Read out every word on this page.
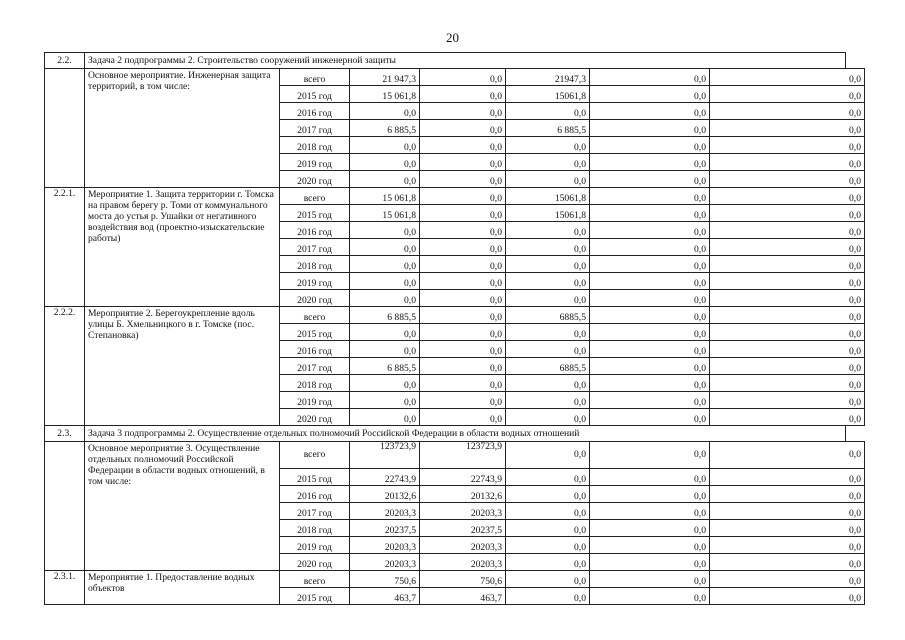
20
2.2.	Задача 2 подпрограммы 2. Строительство сооружений инженерной защиты						
	Основное мероприятие. Инженерная защита территорий, в том числе:	всего	21 947,3	0,0	21947,3	0,0	0,0
		2015 год	15 061,8	0,0	15061,8	0,0	0,0
		2016 год	0,0	0,0	0,0	0,0	0,0
		2017 год	6 885,5	0,0	6 885,5	0,0	0,0
		2018 год	0,0	0,0	0,0	0,0	0,0
		2019 год	0,0	0,0	0,0	0,0	0,0
		2020 год	0,0	0,0	0,0	0,0	0,0
2.2.1.	Мероприятие 1. Защита территории г. Томска на правом берегу р. Томи от коммунального моста до устья р. Ушайки от негативного воздействия вод (проектно-изыскательские работы)	всего	15 061,8	0,0	15061,8	0,0	0,0
		2015 год	15 061,8	0,0	15061,8	0,0	0,0
		2016 год	0,0	0,0	0,0	0,0	0,0
		2017 год	0,0	0,0	0,0	0,0	0,0
		2018 год	0,0	0,0	0,0	0,0	0,0
		2019 год	0,0	0,0	0,0	0,0	0,0
		2020 год	0,0	0,0	0,0	0,0	0,0
2.2.2.	Мероприятие 2. Берегоукрепление вдоль улицы Б. Хмельницкого в г. Томске (пос. Степановка)	всего	6 885,5	0,0	6885,5	0,0	0,0
		2015 год	0,0	0,0	0,0	0,0	0,0
		2016 год	0,0	0,0	0,0	0,0	0,0
		2017 год	6 885,5	0,0	6885,5	0,0	0,0
		2018 год	0,0	0,0	0,0	0,0	0,0
		2019 год	0,0	0,0	0,0	0,0	0,0
		2020 год	0,0	0,0	0,0	0,0	0,0
2.3.	Задача 3 подпрограммы 2. Осуществление отдельных полномочий Российской Федерации в области водных отношений						
	Основное мероприятие 3. Осуществление отдельных полномочий Российской Федерации в области водных отношений, в том числе:	всего	123723,9	123723,9	0,0	0,0	0,0
		2015 год	22743,9	22743,9	0,0	0,0	0,0
		2016 год	20132,6	20132,6	0,0	0,0	0,0
		2017 год	20203,3	20203,3	0,0	0,0	0,0
		2018 год	20237,5	20237,5	0,0	0,0	0,0
		2019 год	20203,3	20203,3	0,0	0,0	0,0
		2020 год	20203,3	20203,3	0,0	0,0	0,0
2.3.1.	Мероприятие 1. Предоставление водных объектов	всего	750,6	750,6	0,0	0,0	0,0
		2015 год	463,7	463,7	0,0	0,0	0,0
